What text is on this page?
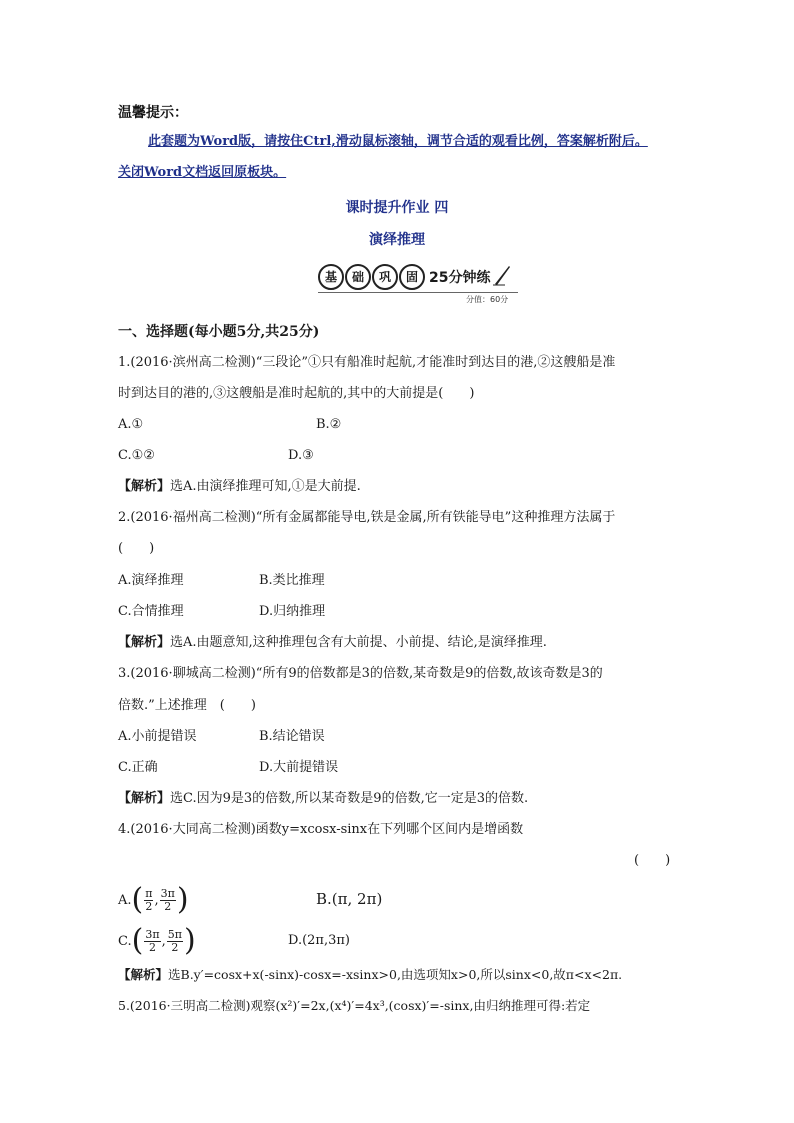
温馨提示：
此套题为Word版，请按住Ctrl,滑动鼠标滚轴，调节合适的观看比例，答案解析附后。
关闭Word文档返回原板块。
课时提升作业 四
演绎推理
基	础	巩	固 25分钟练
分值：60分
一、选择题(每小题5分,共25分)
1.(2016·滨州高二检测)“三段论”①只有船准时起航,才能准时到达目的港,②这艘船是准
时到达目的港的,③这艘船是准时起航的,其中的大前提是(　　)
A.①	B.②
C.①②	D.③
【解析】选A.由演绎推理可知,①是大前提.
2.(2016·福州高二检测)“所有金属都能导电,铁是金属,所有铁能导电”这种推理方法属于
(　　)
A.演绎推理	B.类比推理
C.合情推理	D.归纳推理
【解析】选A.由题意知,这种推理包含有大前提、小前提、结论,是演绎推理.
3.(2016·聊城高二检测)“所有9的倍数都是3的倍数,某奇数是9的倍数,故该奇数是3的
倍数.”上述推理　(　　)
A.小前提错误	B.结论错误
C.正确	D.大前提错误
【解析】选C.因为9是3的倍数,所以某奇数是9的倍数,它一定是3的倍数.
4.(2016·大同高二检测)函数y=xcosx-sinx在下列哪个区间内是增函数
(　　)
A. ( $\frac{\pi}{2}$ , $\frac{3\pi}{2}$ )	B.(π, 2π)
C. ( $\frac{3\pi}{2}$ , $\frac{5\pi}{2}$ )	D.(2π,3π)
【解析】选B.y′=cosx+x(-sinx)-cosx=-xsinx>0,由选项知x>0,所以sinx<0,故π<x<2π.
5.(2016·三明高二检测)观察(x²)′=2x,(x⁴)′=4x³,(cosx)′=-sinx,由归纳推理可得:若定
